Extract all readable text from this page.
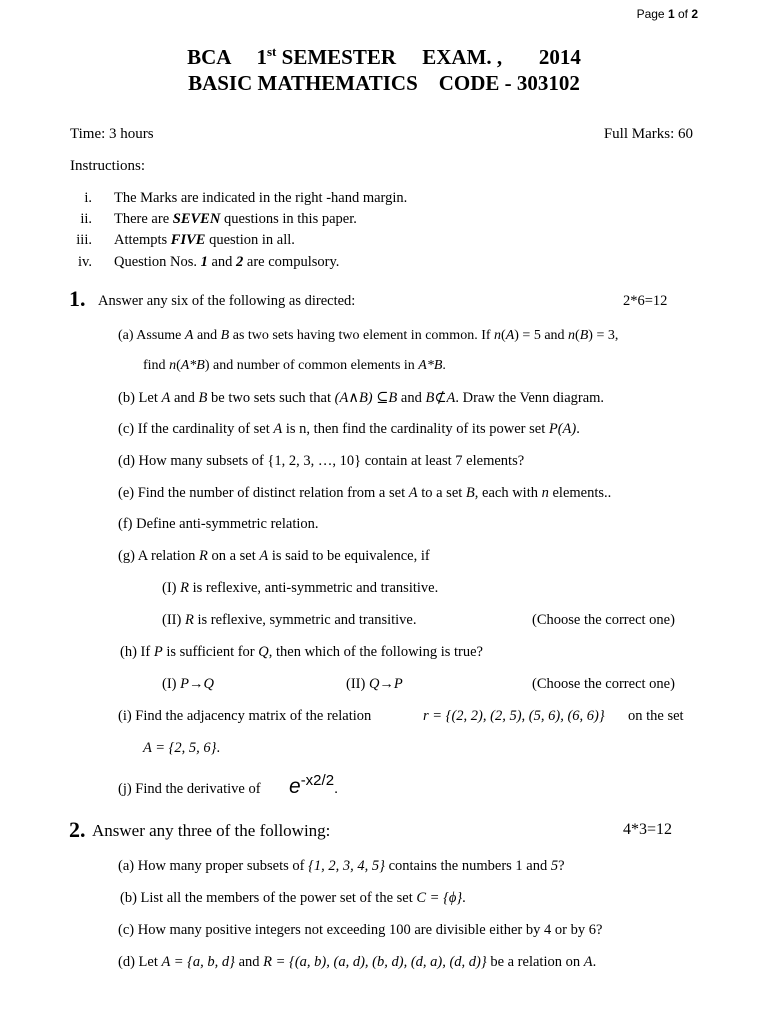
Page 1 of 2
BCA     1st SEMESTER     EXAM. ,       2014
BASIC MATHEMATICS    CODE - 303102
Time: 3 hours	Full Marks: 60
Instructions:
i. The Marks are indicated in the right -hand margin.
ii. There are SEVEN questions in this paper.
iii. Attempts FIVE question in all.
iv. Question Nos. 1 and 2 are compulsory.
1. Answer any six of the following as directed:	2*6=12
(a) Assume A and B as two sets having two element in common. If n(A) = 5 and n(B) = 3,
find n(A*B) and number of common elements in A*B.
(b) Let A and B be two sets such that (A∧B) ⊆B and B⊄A. Draw the Venn diagram.
(c) If the cardinality of set A is n, then find the cardinality of its power set P(A).
(d) How many subsets of {1, 2, 3, …, 10} contain at least 7 elements?
(e) Find the number of distinct relation from a set A to a set B, each with n elements..
(f) Define anti-symmetric relation.
(g) A relation R on a set A is said to be equivalence, if
(I) R is reflexive, anti-symmetric and transitive.
(II) R is reflexive, symmetric and transitive.	(Choose the correct one)
(h) If P is sufficient for Q, then which of the following is true?
(I) P→Q	(II) Q→P	(Choose the correct one)
(i) Find the adjacency matrix of the relation	r = {(2, 2), (2, 5), (5, 6), (6, 6)} on the set
A = {2, 5, 6}.
(j) Find the derivative of e-x2/2.
2. Answer any three of the following:	4*3=12
(a) How many proper subsets of {1, 2, 3, 4, 5} contains the numbers 1 and 5?
(b) List all the members of the power set of the set C = {ϕ}.
(c) How many positive integers not exceeding 100 are divisible either by 4 or by 6?
(d) Let A = {a, b, d} and R = {(a, b), (a, d), (b, d), (d, a), (d, d)} be a relation on A.
